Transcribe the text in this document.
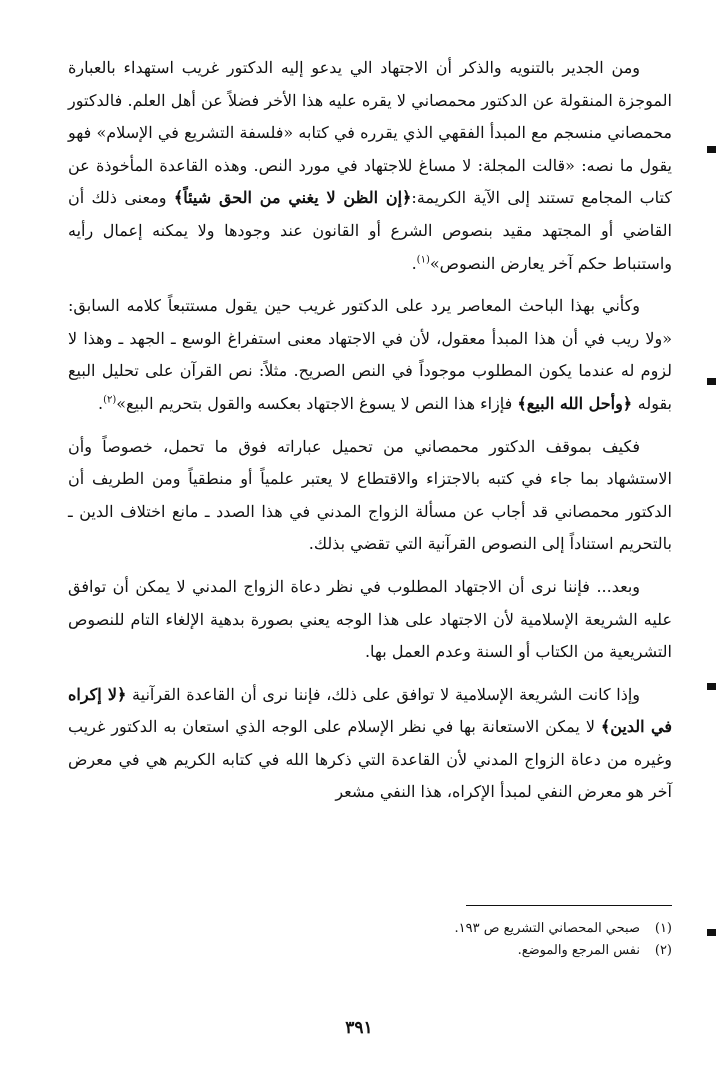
ومن الجدير بالتنويه والذكر أن الاجتهاد الي يدعو إليه الدكتور غريب استهداء بالعبارة الموجزة المنقولة عن الدكتور محمصاني لا يقره عليه هذا الأخر فضلاً عن أهل العلم. فالدكتور محمصاني منسجم مع المبدأ الفقهي الذي يقرره في كتابه «فلسفة التشريع في الإسلام» فهو يقول ما نصه: «قالت المجلة: لا مساغ للاجتهاد في مورد النص. وهذه القاعدة المأخوذة عن كتاب المجامع تستند إلى الآية الكريمة:﴿إن الظن لا يغني من الحق شيئاً﴾ ومعنى ذلك أن القاضي أو المجتهد مقيد بنصوص الشرع أو القانون عند وجودها ولا يمكنه إعمال رأيه واستنباط حكم آخر يعارض النصوص»$^{(١)}$.

وكأني بهذا الباحث المعاصر يرد على الدكتور غريب حين يقول مستتبعاً كلامه السابق: «ولا ريب في أن هذا المبدأ معقول، لأن في الاجتهاد معنى استفراغ الوسع ـ الجهد ـ وهذا لا لزوم له عندما يكون المطلوب موجوداً في النص الصريح. مثلاً: نص القرآن على تحليل البيع بقوله ﴿وأحل الله البيع﴾ فإزاء هذا النص لا يسوغ الاجتهاد بعكسه والقول بتحريم البيع»$^{(٢)}$.

فكيف بموقف الدكتور محمصاني من تحميل عباراته فوق ما تحمل، خصوصاً وأن الاستشهاد بما جاء في كتبه بالاجتزاء والاقتطاع لا يعتبر علمياً أو منطقياً ومن الطريف أن الدكتور محمصاني قد أجاب عن مسألة الزواج المدني في هذا الصدد ـ مانع اختلاف الدين ـ بالتحريم استناداً إلى النصوص القرآنية التي تقضي بذلك.

وبعد... فإننا نرى أن الاجتهاد المطلوب في نظر دعاة الزواج المدني لا يمكن أن توافق عليه الشريعة الإسلامية لأن الاجتهاد على هذا الوجه يعني بصورة بدهية الإلغاء التام للنصوص التشريعية من الكتاب أو السنة وعدم العمل بها.

وإذا كانت الشريعة الإسلامية لا توافق على ذلك، فإننا نرى أن القاعدة القرآنية ﴿لا إكراه في الدين﴾ لا يمكن الاستعانة بها في نظر الإسلام على الوجه الذي استعان به الدكتور غريب وغيره من دعاة الزواج المدني لأن القاعدة التي ذكرها الله في كتابه الكريم هي في معرض آخر هو معرض النفي لمبدأ الإكراه، هذا النفي مشعر

(١)صبحي المحصاني التشريع ص ١٩٣.

(٢)نفس المرجع والموضع.

٣٩١
